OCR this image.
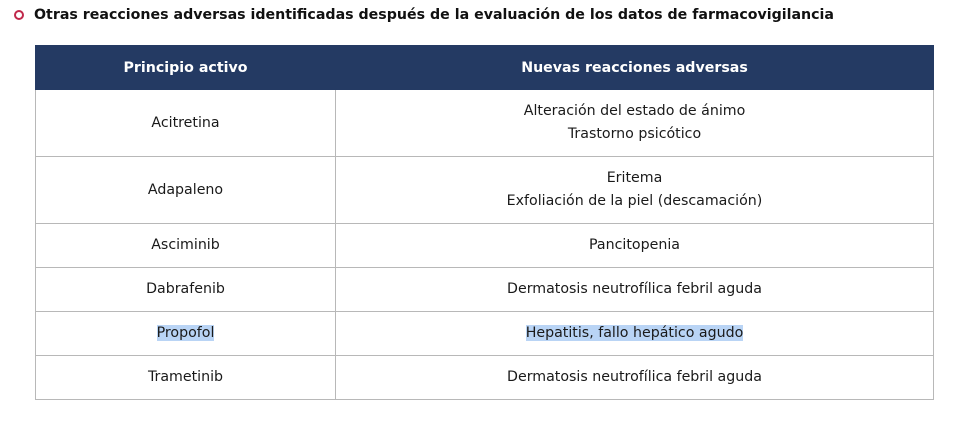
Otras reacciones adversas identificadas después de la evaluación de los datos de farmacovigilancia
Principio activo	Nuevas reacciones adversas
Acitretina	Alteración del estado de ánimo
Trastorno psicótico

Adapaleno	Eritema
Exfoliación de la piel (descamación)

Asciminib	Pancitopenia

Dabrafenib	Dermatosis neutrofílica febril aguda

Propofol	Hepatitis, fallo hepático agudo
Trametinib	Dermatosis neutrofílica febril aguda
